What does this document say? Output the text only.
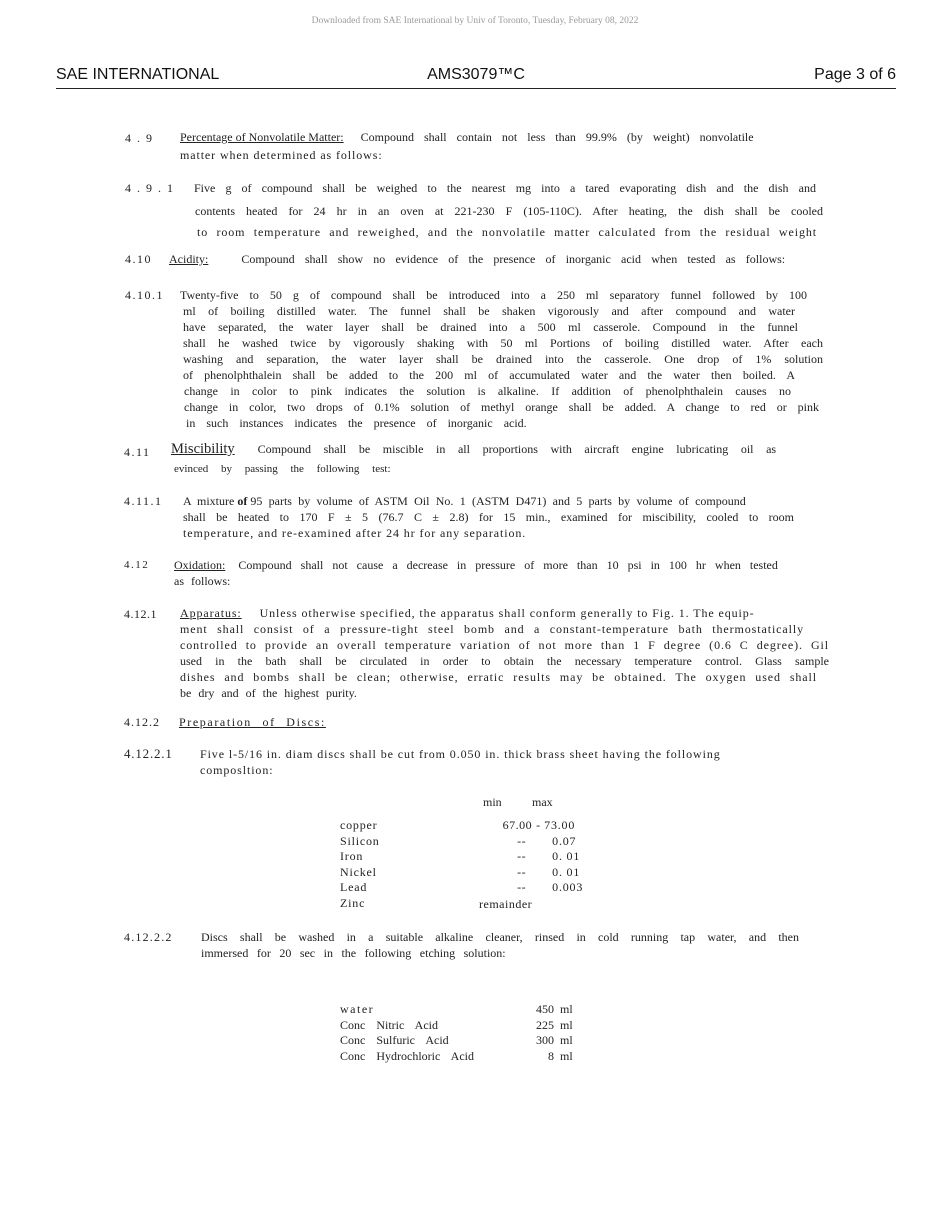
Downloaded from SAE International by Univ of Toronto, Tuesday, February 08, 2022
AMS3079™C
SAE INTERNATIONAL	Page 3 of 6
4 . 9 Percentage of Nonvolatile Matter: Compound shall contain not less than 99.9% (by weight) nonvolatile
matter when determined as follows:
4 . 9 . 1 Five g of compound shall be weighed to the nearest mg into a tared evaporating dish and the dish and
contents heated for 24 hr in an oven at 221-230 F (105-110C). After heating, the dish shall be cooled
to room temperature and reweighed, and the nonvolatile matter calculated from the residual weight
4.10 Acidity:	Compound shall show no evidence of the presence of inorganic acid when tested as follows:
4.10.1 Twenty-five to 50 g of compound shall be introduced into a 250 ml separatory funnel followed by 100
ml of boiling distilled water. The funnel shall be shaken vigorously and after compound and water
have separated, the water layer shall be drained into a 500 ml casserole. Compound in the funnel
shall he washed twice by vigorously shaking with 50 ml Portions of boiling distilled water. After each
washing and separation, the water layer shall be drained into the casserole. One drop of 1% solution
of phenolphthalein shall be added to the 200 ml of accumulated water and the water then boiled. A
change in color to pink indicates the solution is alkaline. If addition of phenolphthalein causes no
change in color, two drops of 0.1% solution of methyl orange shall be added. A change to red or pink
in such instances indicates the presence of inorganic acid.
4.11 Miscibility Compound shall be miscible in all proportions with aircraft engine lubricating oil as
evinced by passing the following test:
4.11.1 A mixture of 95 parts by volume of ASTM Oil No. 1 (ASTM D471) and 5 parts by volume of compound
shall be heated to 170 F ± 5 (76.7 C ± 2.8) for 15 min., examined for miscibility, cooled to room
temperature, and re-examined after 24 hr for any separation.
4.12 Oxidation: Compound shall not cause a decrease in pressure of more than 10 psi in 100 hr when tested
as follows:
4.12.1 Apparatus: Unless otherwise specified, the apparatus shall conform generally to Fig. 1. The equip-
ment shall consist of a pressure-tight steel bomb and a constant-temperature bath thermostatically
controlled to provide an overall temperature variation of not more than 1 F degree (0.6 C degree). Gil
used in the bath shall be circulated in order to obtain the necessary temperature control. Glass sample
dishes and bombs shall be clean; otherwise, erratic results may be obtained. The oxygen used shall
be dry and of the highest purity.
4.12.2 Preparation of Discs:
4.12.2.1 Five l-5/16 in. diam discs shall be cut from 0.050 in. thick brass sheet having the following
composltion:
min	max
copper	67.00	-	73.00
Silicon	--		0.07
Iron	--		0. 01
Nickel	--		0. 01
Lead	--		0.003
Zinc	remainder		
4.12.2.2 Discs shall be washed in a suitable alkaline cleaner, rinsed in cold running tap water, and then
immersed for 20 sec in the following etching solution:
water	450	ml
Conc Nitric Acid	225	ml
Conc Sulfuric Acid	300	ml
Conc Hydrochloric Acid	8	ml
